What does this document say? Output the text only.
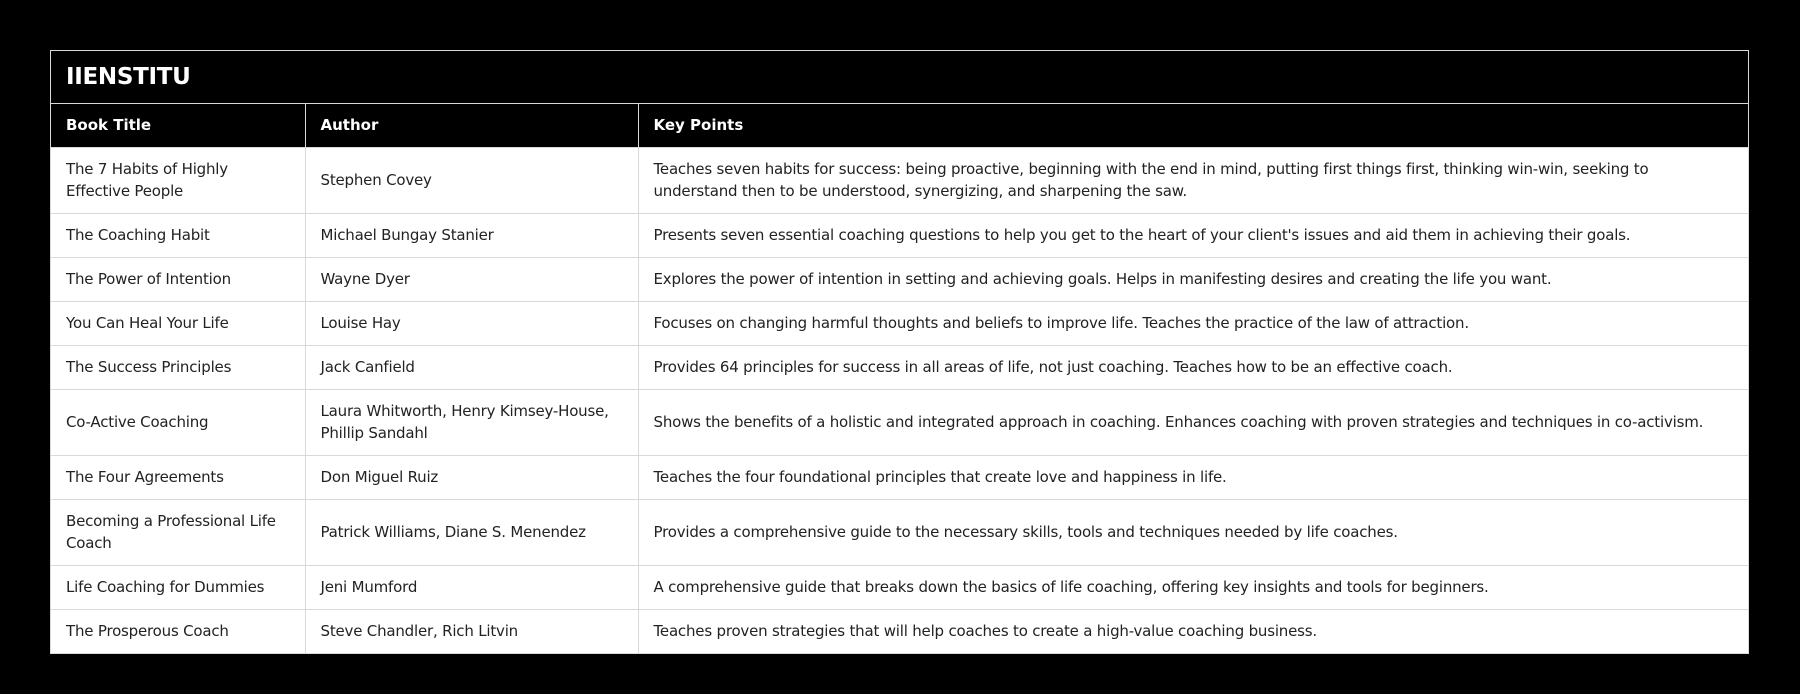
IIENSTITU
Book Title	Author	Key Points
The 7 Habits of Highly Effective People	Stephen Covey	Teaches seven habits for success: being proactive, beginning with the end in mind, putting first things first, thinking win-win, seeking to understand then to be understood, synergizing, and sharpening the saw.
The Coaching Habit	Michael Bungay Stanier	Presents seven essential coaching questions to help you get to the heart of your client's issues and aid them in achieving their goals.
The Power of Intention	Wayne Dyer	Explores the power of intention in setting and achieving goals. Helps in manifesting desires and creating the life you want.
You Can Heal Your Life	Louise Hay	Focuses on changing harmful thoughts and beliefs to improve life. Teaches the practice of the law of attraction.
The Success Principles	Jack Canfield	Provides 64 principles for success in all areas of life, not just coaching. Teaches how to be an effective coach.
Co-Active Coaching	Laura Whitworth, Henry Kimsey-House, Phillip Sandahl	Shows the benefits of a holistic and integrated approach in coaching. Enhances coaching with proven strategies and techniques in co-activism.
The Four Agreements	Don Miguel Ruiz	Teaches the four foundational principles that create love and happiness in life.
Becoming a Professional Life Coach	Patrick Williams, Diane S. Menendez	Provides a comprehensive guide to the necessary skills, tools and techniques needed by life coaches.
Life Coaching for Dummies	Jeni Mumford	A comprehensive guide that breaks down the basics of life coaching, offering key insights and tools for beginners.
The Prosperous Coach	Steve Chandler, Rich Litvin	Teaches proven strategies that will help coaches to create a high-value coaching business.
